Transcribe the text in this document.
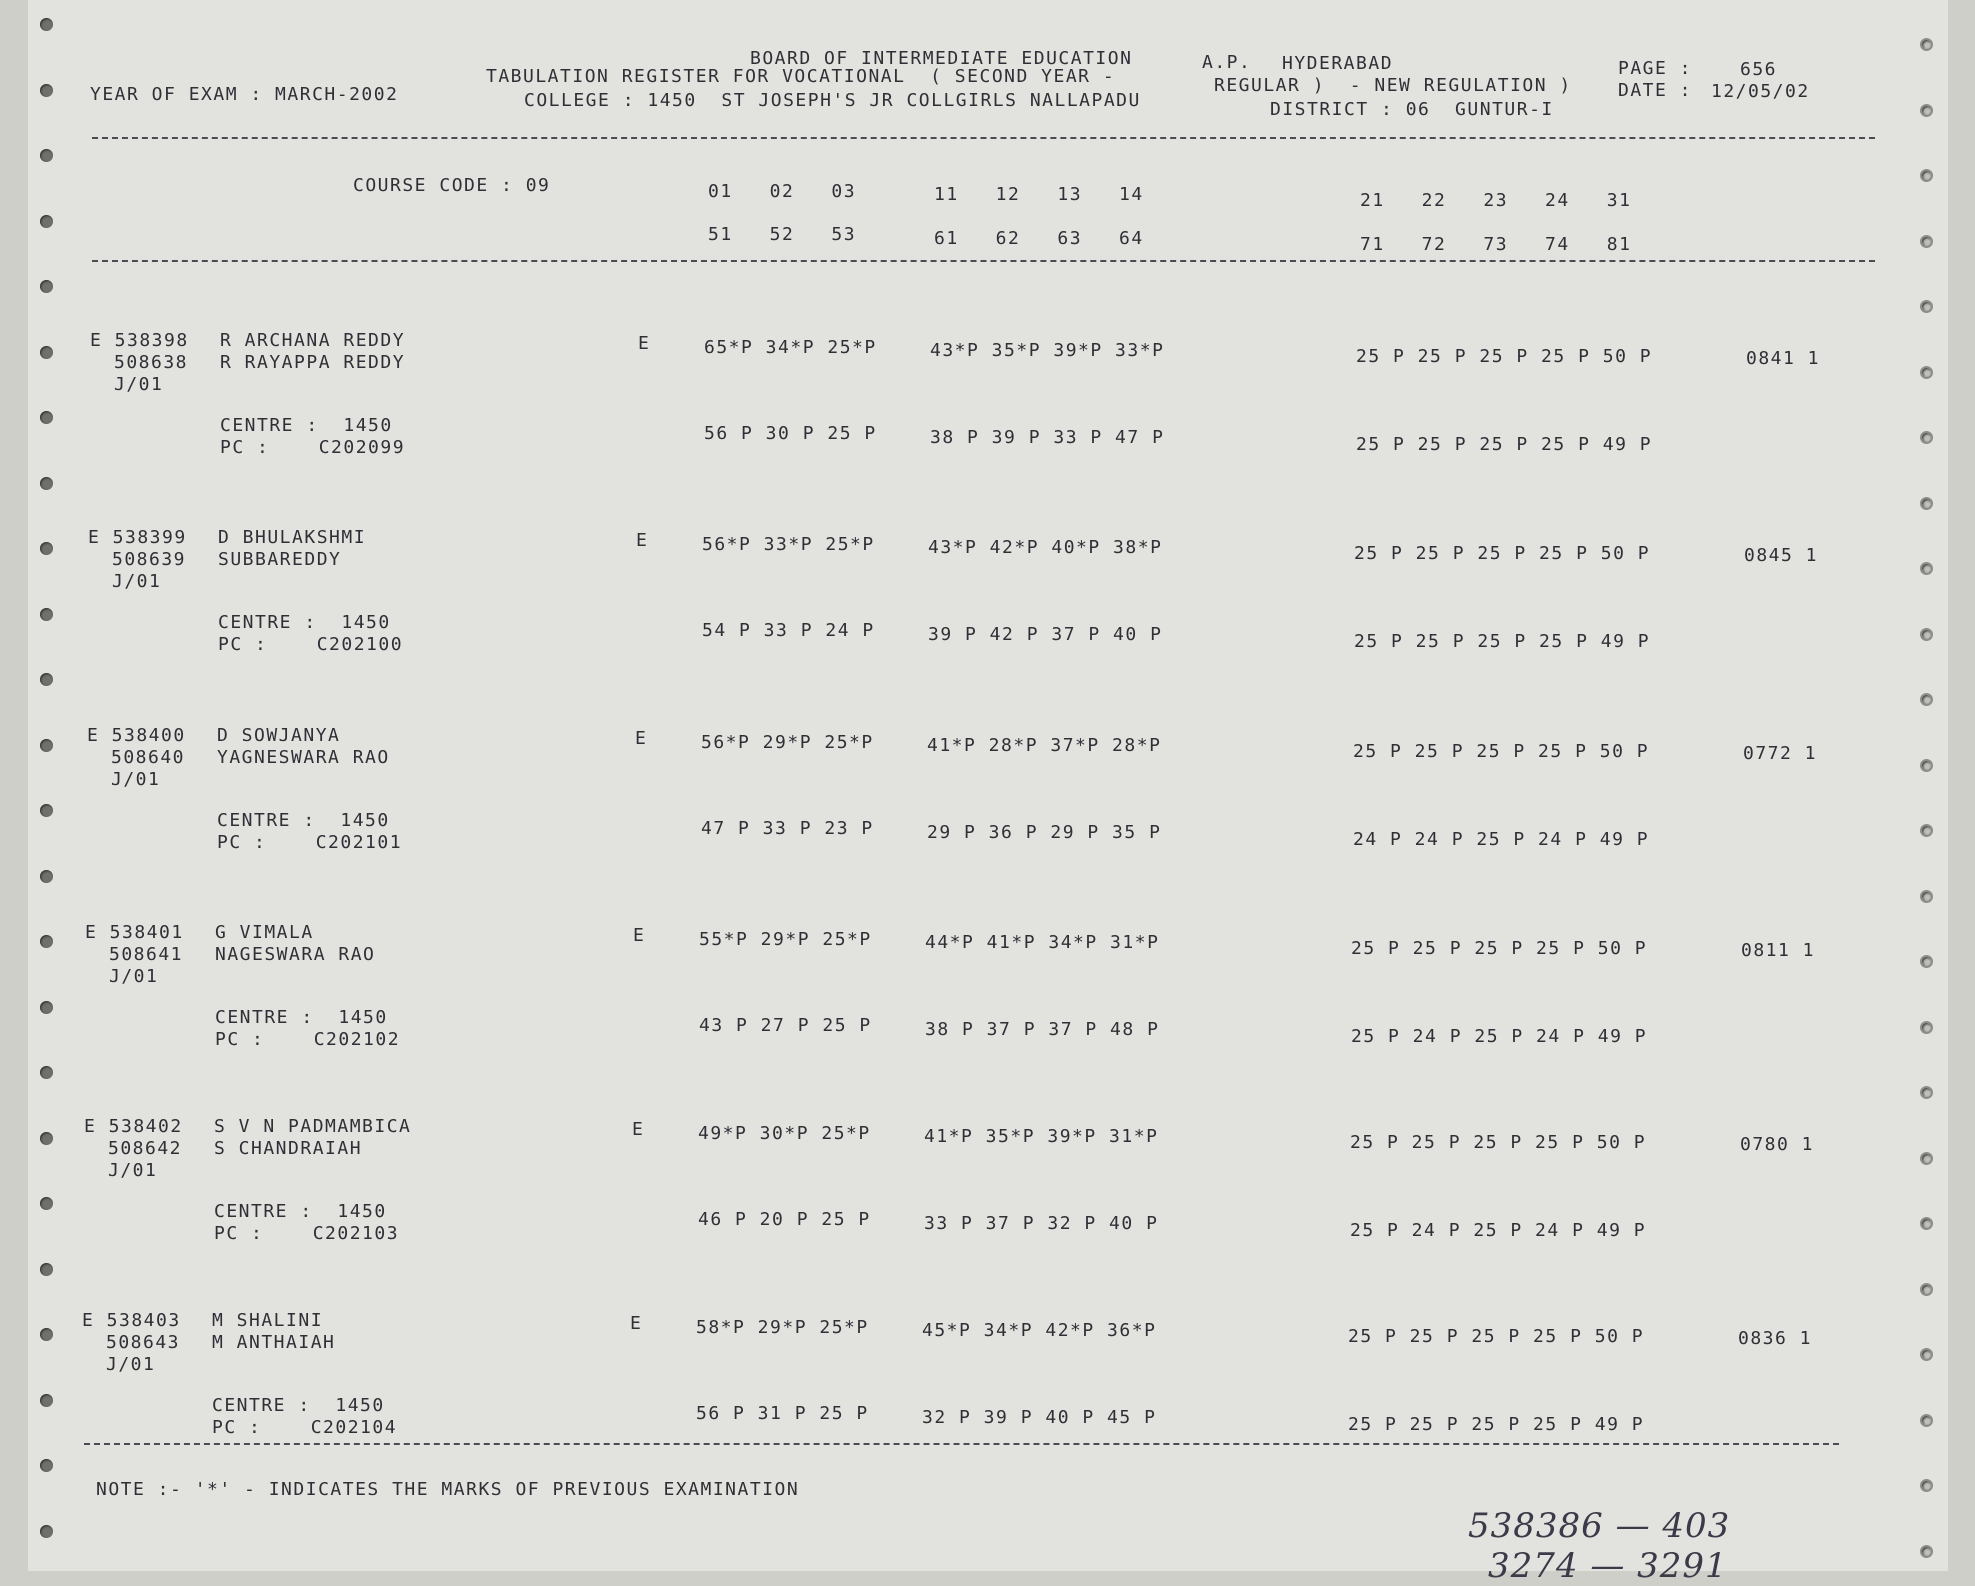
BOARD OF INTERMEDIATE EDUCATION	A.P. HYDERABAD	PAGE :	656
YEAR OF EXAM : MARCH-2002
TABULATION REGISTER FOR VOCATIONAL  ( SECOND YEAR -	REGULAR )  - NEW REGULATION )	DATE : 12/05/02
COLLEGE : 1450  ST JOSEPH'S JR COLLGIRLS NALLAPADU	DISTRICT : 06  GUNTUR-I
COURSE CODE : 09	01   02   03	11   12   13   14	21   22   23   24   31
51   52   53	61   62   63   64	71   72   73   74   81
E 538398 R ARCHANA REDDY
508638 R RAYAPPA REDDY
J/01
E	65*P 34*P 25*P	43*P 35*P 39*P 33*P	25 P 25 P 25 P 25 P 50 P	0841 1
CENTRE :  1450
PC :    C202099
56 P 30 P 25 P	38 P 39 P 33 P 47 P	25 P 25 P 25 P 25 P 49 P
E 538399 D BHULAKSHMI
508639 SUBBAREDDY
J/01
E	56*P 33*P 25*P	43*P 42*P 40*P 38*P	25 P 25 P 25 P 25 P 50 P	0845 1
CENTRE :  1450
PC :    C202100
54 P 33 P 24 P	39 P 42 P 37 P 40 P	25 P 25 P 25 P 25 P 49 P
E 538400 D SOWJANYA
508640 YAGNESWARA RAO
J/01
E	56*P 29*P 25*P	41*P 28*P 37*P 28*P	25 P 25 P 25 P 25 P 50 P	0772 1
CENTRE :  1450
PC :    C202101
47 P 33 P 23 P	29 P 36 P 29 P 35 P	24 P 24 P 25 P 24 P 49 P
E 538401 G VIMALA
508641 NAGESWARA RAO
J/01
E	55*P 29*P 25*P	44*P 41*P 34*P 31*P	25 P 25 P 25 P 25 P 50 P	0811 1
CENTRE :  1450
PC :    C202102
43 P 27 P 25 P	38 P 37 P 37 P 48 P	25 P 24 P 25 P 24 P 49 P
E 538402 S V N PADMAMBICA
508642 S CHANDRAIAH
J/01
E	49*P 30*P 25*P	41*P 35*P 39*P 31*P	25 P 25 P 25 P 25 P 50 P	0780 1
CENTRE :  1450
PC :    C202103
46 P 20 P 25 P	33 P 37 P 32 P 40 P	25 P 24 P 25 P 24 P 49 P
E 538403 M SHALINI
508643 M ANTHAIAH
J/01
E	58*P 29*P 25*P	45*P 34*P 42*P 36*P	25 P 25 P 25 P 25 P 50 P	0836 1
CENTRE :  1450
PC :    C202104
56 P 31 P 25 P	32 P 39 P 40 P 45 P	25 P 25 P 25 P 25 P 49 P
NOTE :- '*' - INDICATES THE MARKS OF PREVIOUS EXAMINATION
538386 — 403
3274 — 3291
